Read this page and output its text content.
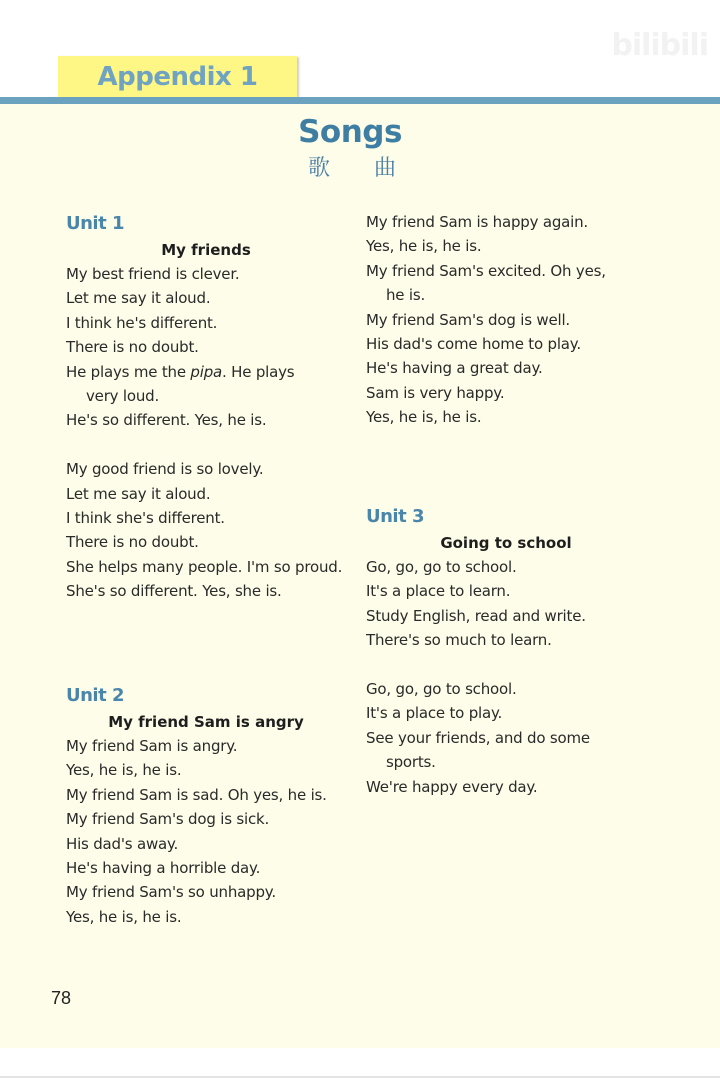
bilibili
Appendix 1
Songs
歌 曲
Unit 1
My friends
My best friend is clever.
Let me say it aloud.
I think he's different.
There is no doubt.
He plays me the pipa. He plays
very loud.
He's so different. Yes, he is.
My good friend is so lovely.
Let me say it aloud.
I think she's different.
There is no doubt.
She helps many people. I'm so proud.
She's so different. Yes, she is.
Unit 2
My friend Sam is angry
My friend Sam is angry.
Yes, he is, he is.
My friend Sam is sad. Oh yes, he is.
My friend Sam's dog is sick.
His dad's away.
He's having a horrible day.
My friend Sam's so unhappy.
Yes, he is, he is.
My friend Sam is happy again.
Yes, he is, he is.
My friend Sam's excited. Oh yes,
he is.
My friend Sam's dog is well.
His dad's come home to play.
He's having a great day.
Sam is very happy.
Yes, he is, he is.
Unit 3
Going to school
Go, go, go to school.
It's a place to learn.
Study English, read and write.
There's so much to learn.
Go, go, go to school.
It's a place to play.
See your friends, and do some
sports.
We're happy every day.
78
